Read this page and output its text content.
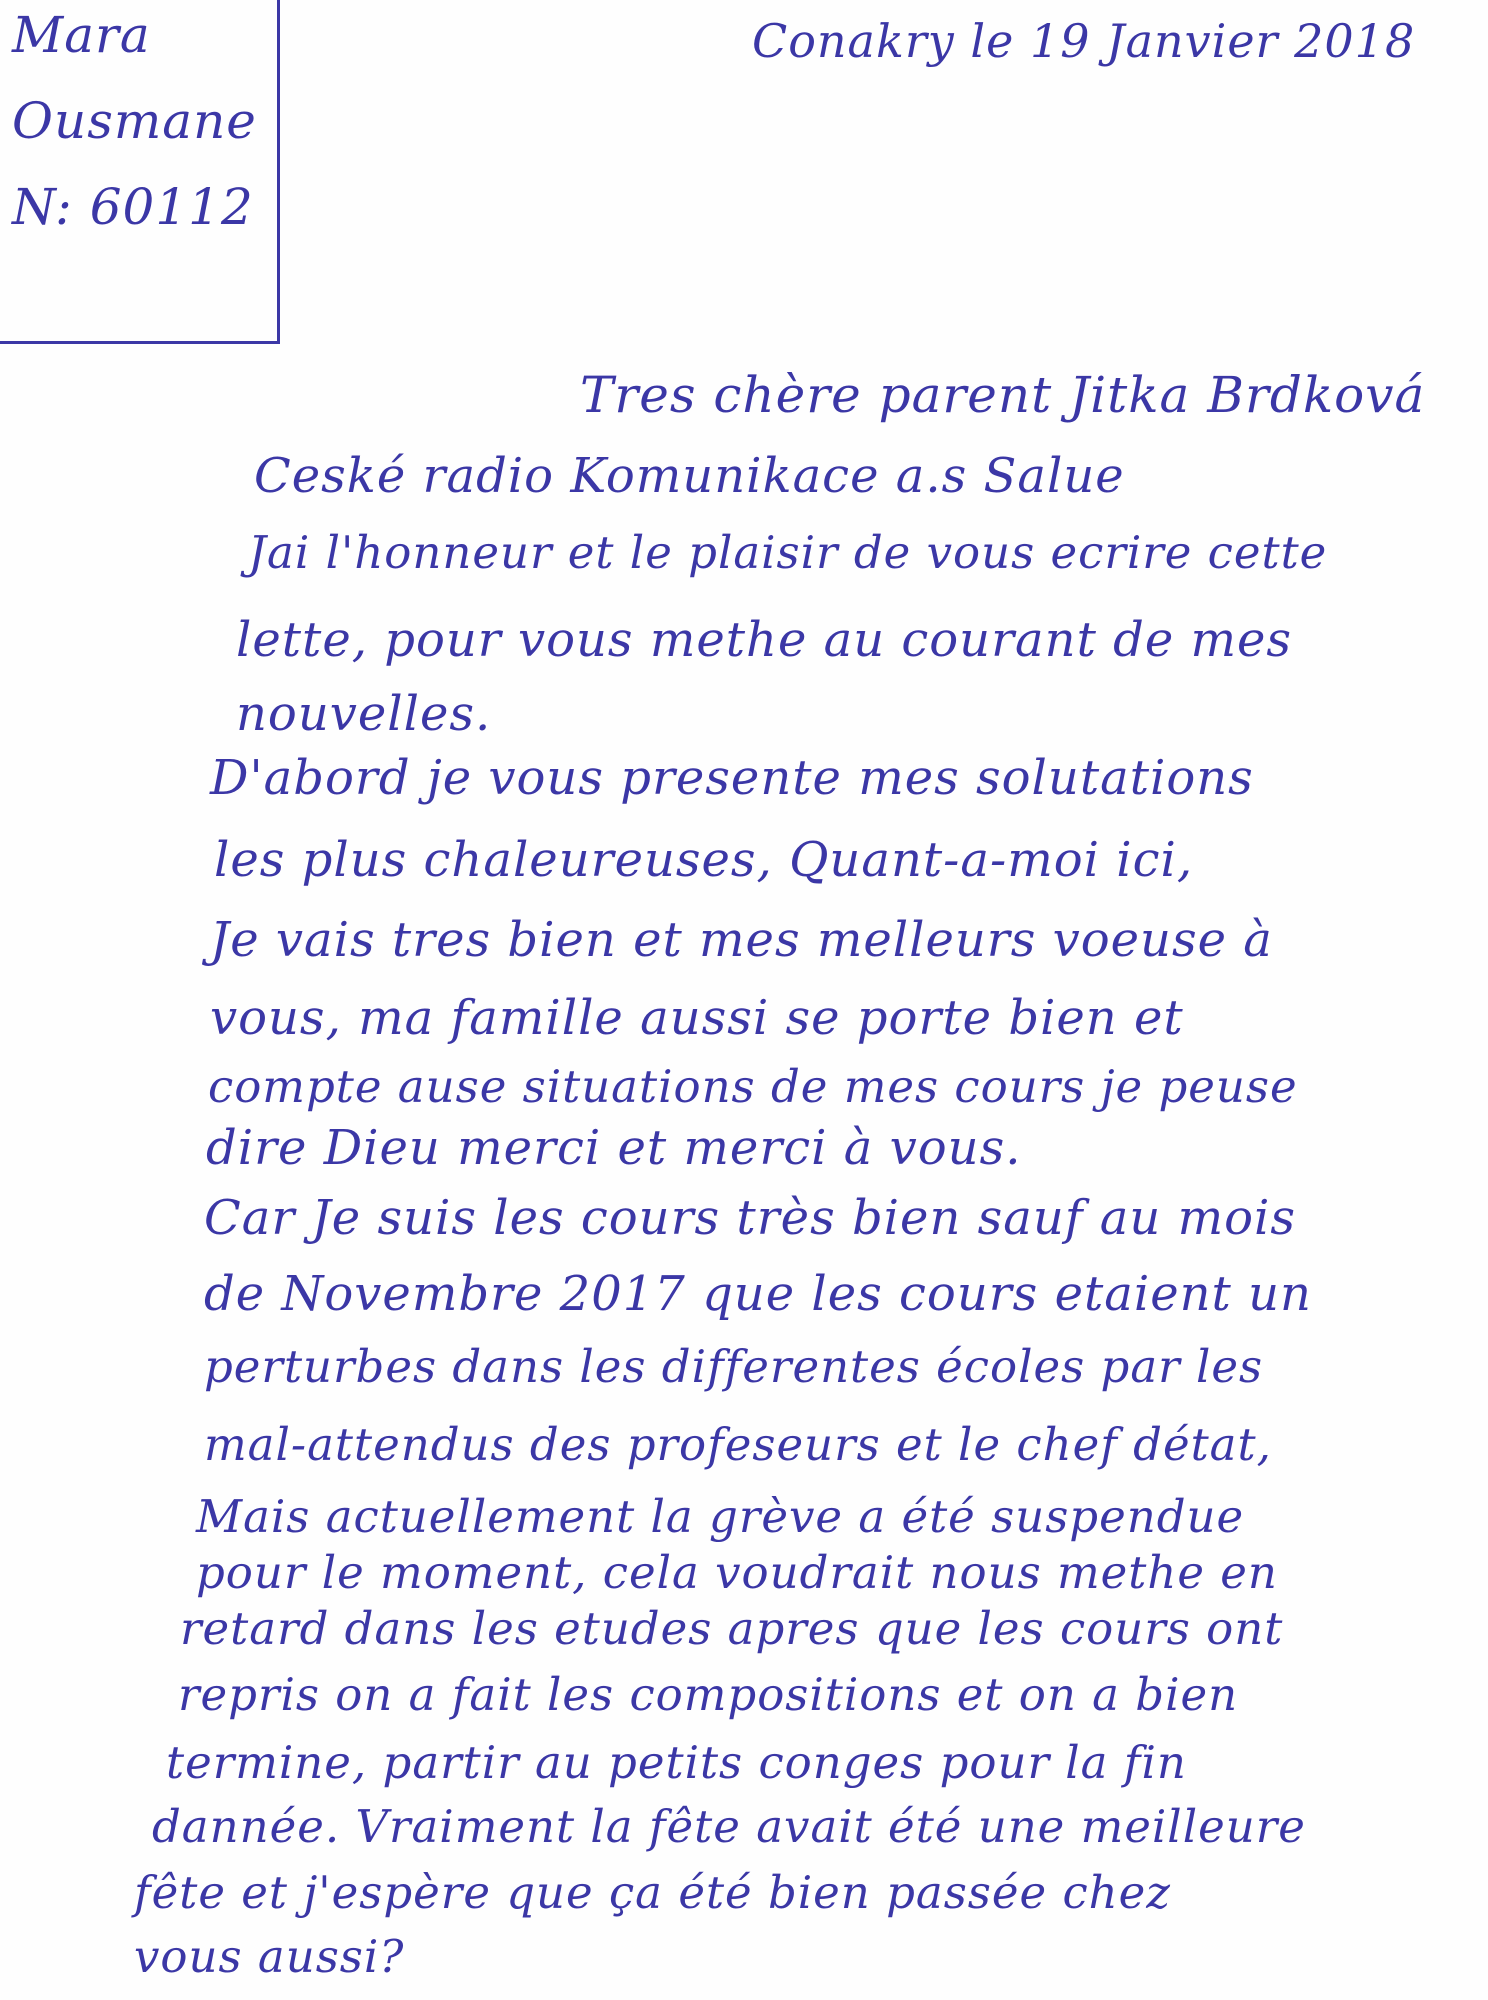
Mara
Ousmane
N: 60112
Conakry le 19 Janvier 2018
Tres chère parent Jitka Brdková
Ceské radio Komunikace a.s Salue
Jai l'honneur et le plaisir de vous ecrire cette
lette, pour vous methe au courant de mes
nouvelles.
D'abord je vous presente mes solutations
les plus chaleureuses, Quant-a-moi ici,
Je vais tres bien et mes melleurs voeuse à
vous, ma famille aussi se porte bien et
compte ause situations de mes cours je peuse
dire Dieu merci et merci à vous.
Car Je suis les cours très bien sauf au mois
de Novembre 2017 que les cours etaient un
perturbes dans les differentes écoles par les
mal-attendus des profeseurs et le chef détat,
Mais actuellement la grève a été suspendue
pour le moment, cela voudrait nous methe en
retard dans les etudes apres que les cours ont
repris on a fait les compositions et on a bien
termine, partir au petits conges pour la fin
dannée. Vraiment la fête avait été une meilleure
fête et j'espère que ça été bien passée chez
vous aussi?
